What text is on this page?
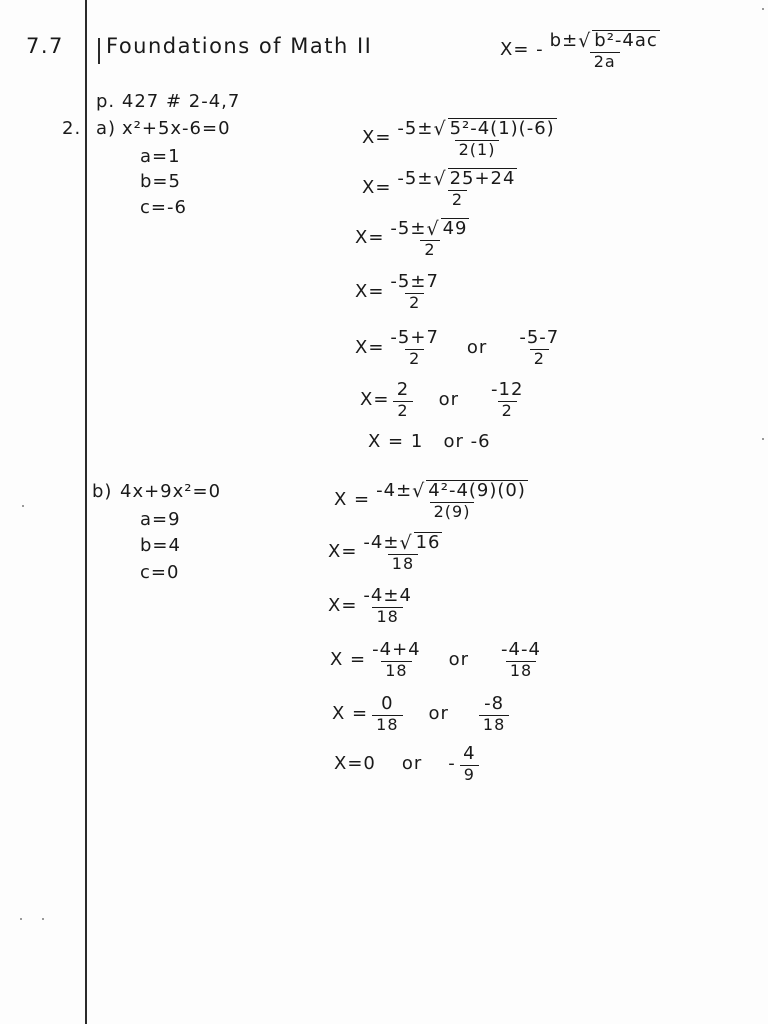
7.7 Foundations of Math II	$X= - \frac{\text{b± √ b²-4ac}}{2a}$
p. 427 # 2-4,7
2. a) x²+5x-6=0
a=1
b=5
c=-6
$X= \frac{\text{-5± √ 5²-4(1)(-6)}}{2(1)}$
$X= \frac{-5\pm √ 25+24}{2}$
$X= \frac{-5\pm √ 49}{2}$
$X= \frac{-5\pm 7}{2}$
$X= \frac{-5+7}{2}$ or $\frac{-5-7}{2}$
$X= \frac{2}{2}$ or $\frac{-12}{2}$
X = 1   or -6
b) 4x+9x²=0
a=9
b=4
c=0
$X = \frac{\text{-4± √ 4²-4(9)(0)}}{2(9)}$
$X= \frac{-4\pm √ 16}{18}$
$X= \frac{-4\pm 4}{18}$
$X = \frac{-4+4}{18}$ or $\frac{-4-4}{18}$
$X = \frac{0}{18}$ or $\frac{-8}{18}$
X= 0 or - $\frac{4}{9}$
